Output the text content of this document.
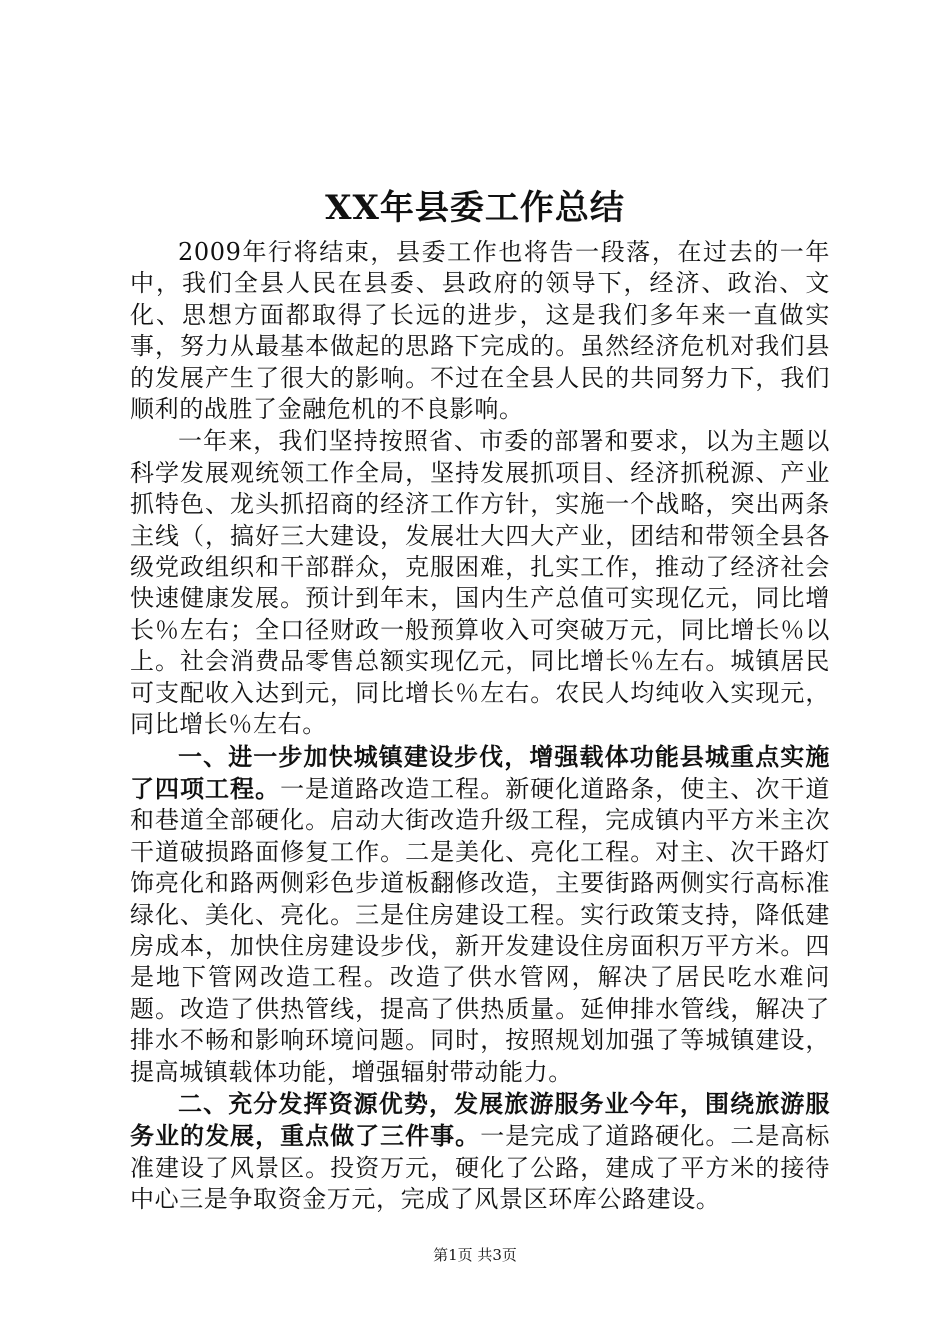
XX年县委工作总结

2009年行将结束，县委工作也将告一段落，在过去的一年中，我们全县人民在县委、县政府的领导下，经济、政治、文化、思想方面都取得了长远的进步，这是我们多年来一直做实事，努力从最基本做起的思路下完成的。虽然经济危机对我们县的发展产生了很大的影响。不过在全县人民的共同努力下，我们顺利的战胜了金融危机的不良影响。

一年来，我们坚持按照省、市委的部署和要求，以为主题以科学发展观统领工作全局，坚持发展抓项目、经济抓税源、产业抓特色、龙头抓招商的经济工作方针，实施一个战略，突出两条主线（，搞好三大建设，发展壮大四大产业，团结和带领全县各级党政组织和干部群众，克服困难，扎实工作，推动了经济社会快速健康发展。预计到年末，国内生产总值可实现亿元，同比增长％左右；全口径财政一般预算收入可突破万元，同比增长％以上。社会消费品零售总额实现亿元，同比增长％左右。城镇居民可支配收入达到元，同比增长％左右。农民人均纯收入实现元，同比增长％左右。

一、进一步加快城镇建设步伐，增强载体功能县城重点实施了四项工程。一是道路改造工程。新硬化道路条，使主、次干道和巷道全部硬化。启动大街改造升级工程，完成镇内平方米主次干道破损路面修复工作。二是美化、亮化工程。对主、次干路灯饰亮化和路两侧彩色步道板翻修改造，主要街路两侧实行高标准绿化、美化、亮化。三是住房建设工程。实行政策支持，降低建房成本，加快住房建设步伐，新开发建设住房面积万平方米。四是地下管网改造工程。改造了供水管网，解决了居民吃水难问题。改造了供热管线，提高了供热质量。延伸排水管线，解决了排水不畅和影响环境问题。同时，按照规划加强了等城镇建设，提高城镇载体功能，增强辐射带动能力。

二、充分发挥资源优势，发展旅游服务业今年，围绕旅游服务业的发展，重点做了三件事。一是完成了道路硬化。二是高标准建设了风景区。投资万元，硬化了公路，建成了平方米的接待中心三是争取资金万元，完成了风景区环库公路建设。

第1页 共3页
